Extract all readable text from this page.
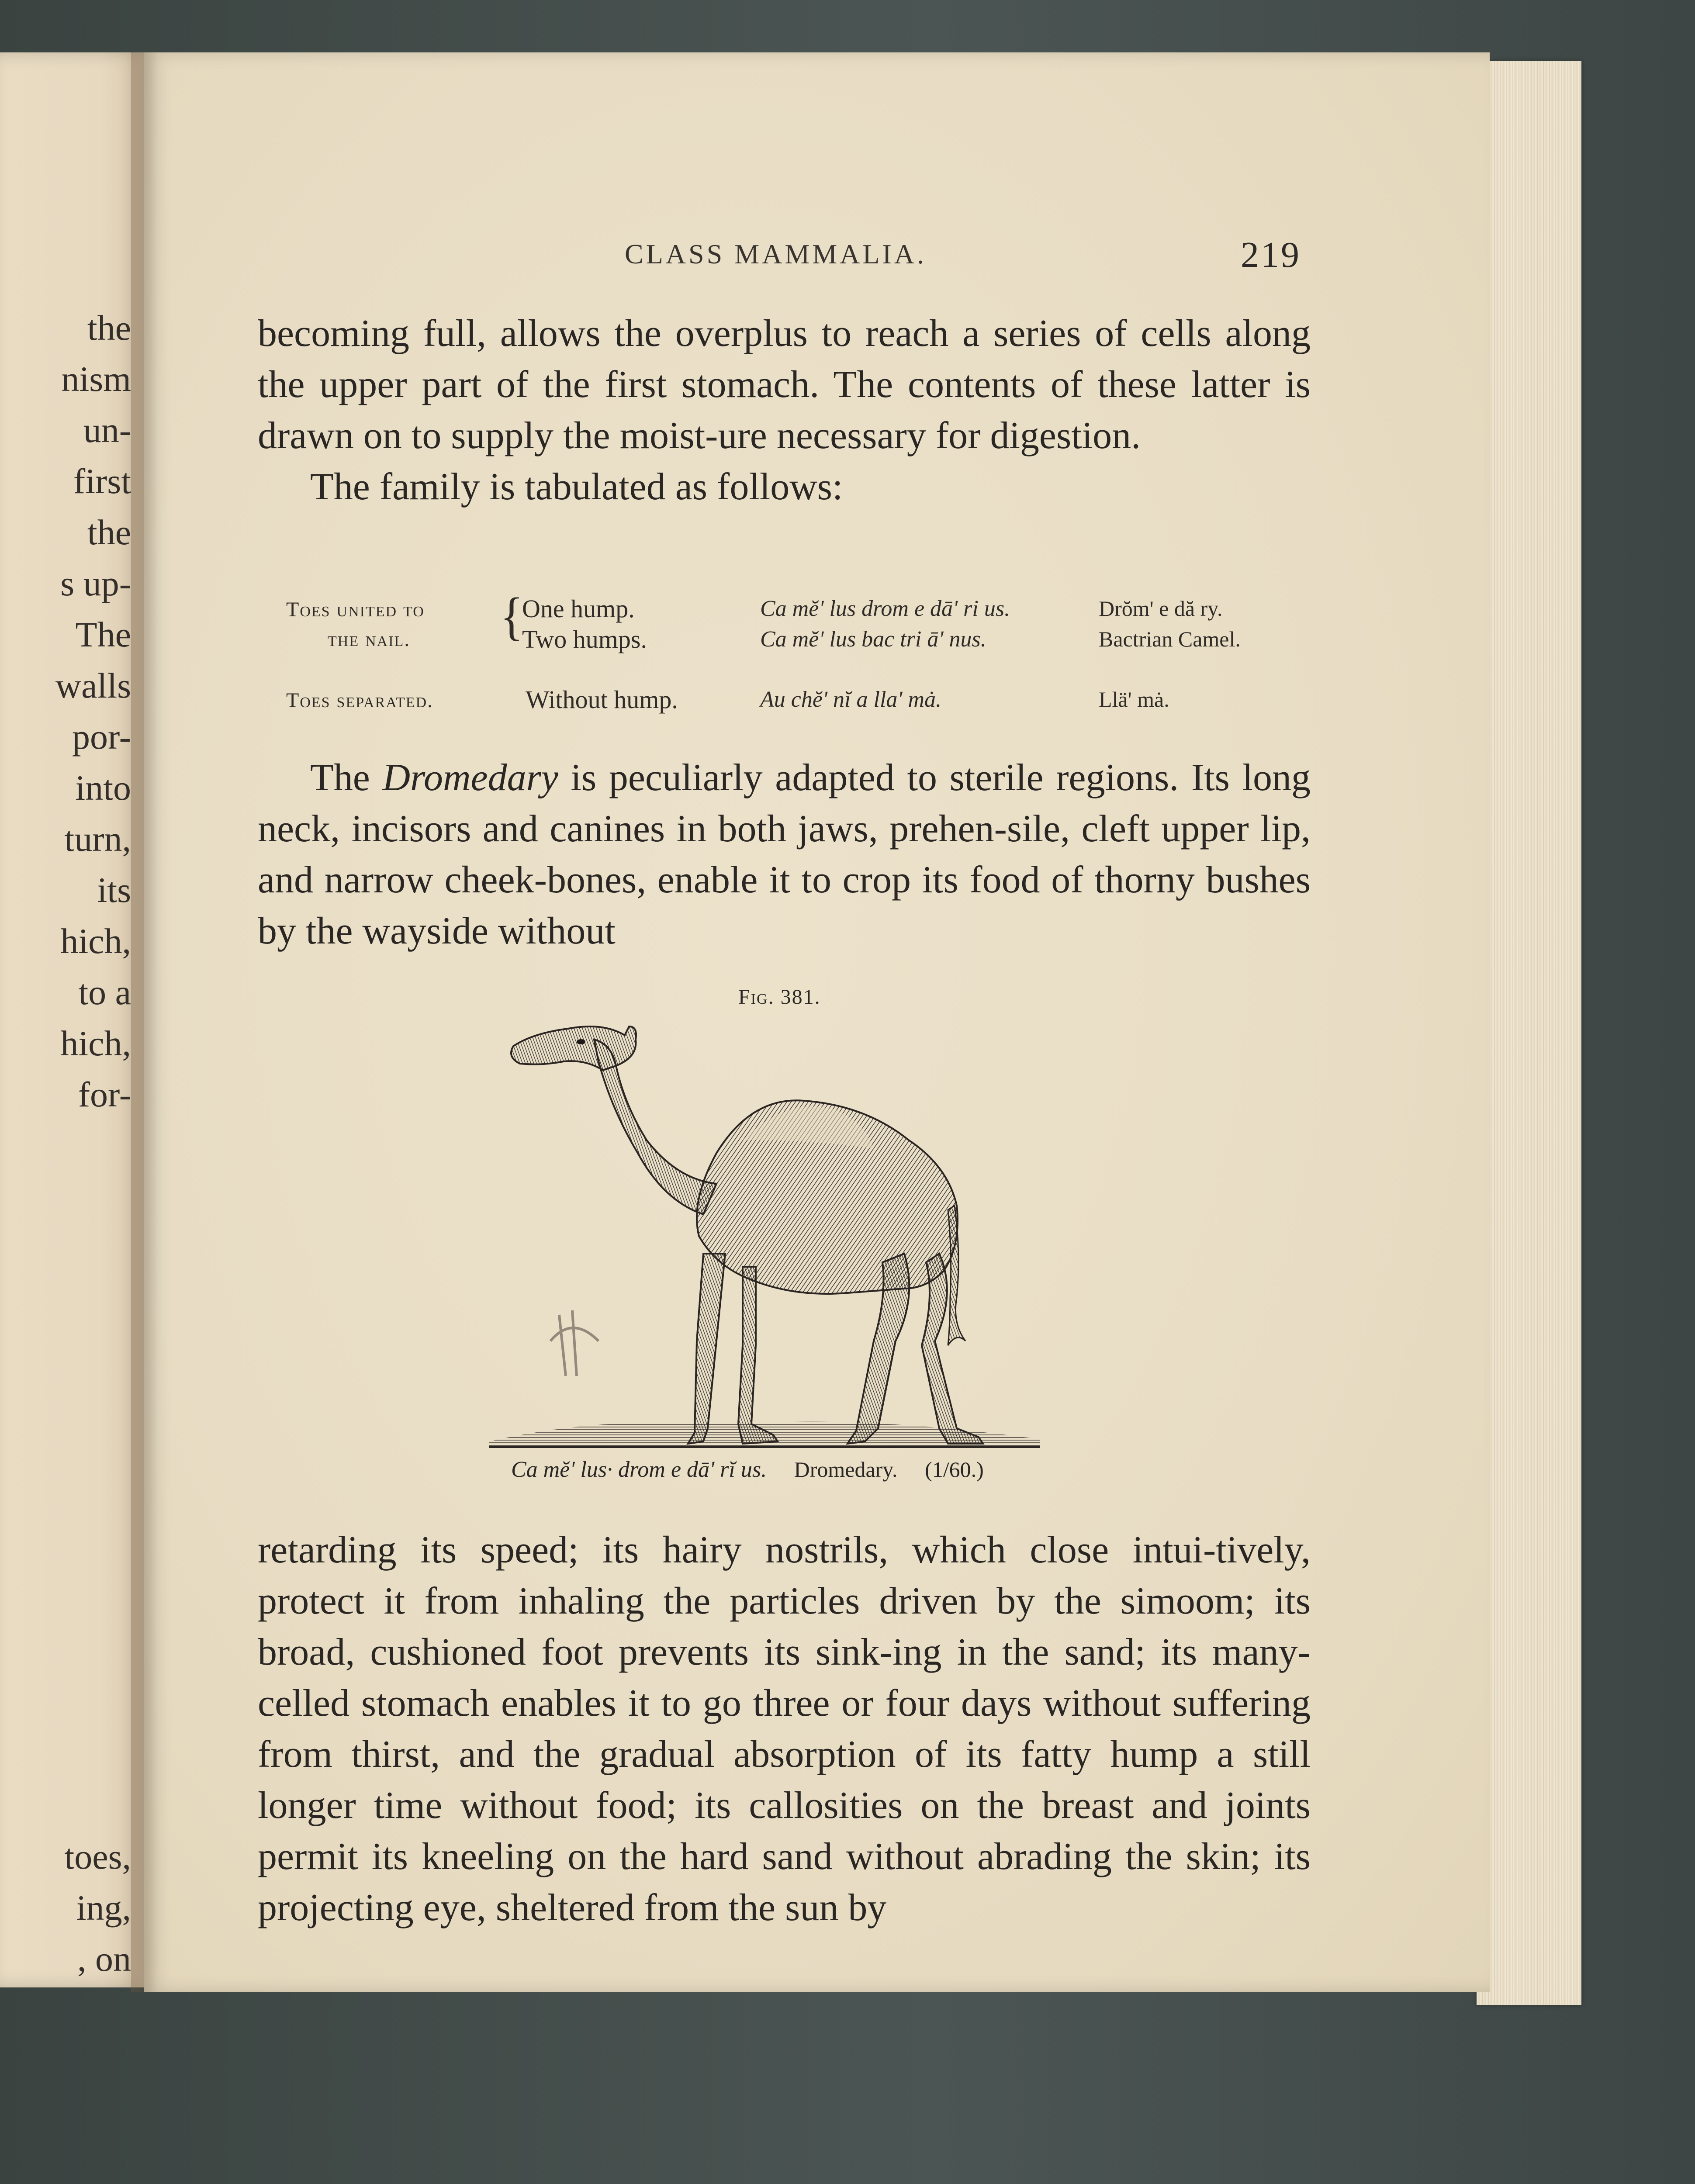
the
nism
un-
first
the
s up-
The
walls
por-
into
turn,
its
hich,
to a
hich,
for-
toes,
ing,
, on
CLASS MAMMALIA.	219

becoming full, allows the overplus to reach a series of cells along the upper part of the first stomach. The contents of these latter is drawn on to supply the moist-ure necessary for digestion.

The family is tabulated as follows:

Toes united to
the nail. {
One hump.	Ca mĕ' lus drom e dā' ri us.	Drŏm' e dă ry.
Two humps.	Ca mĕ' lus bac tri ā' nus.	Bactrian Camel.
Toes separated.	Without hump.	Au chĕ' nĭ a lla' mȧ.	Llä' mȧ.

The Dromedary is peculiarly adapted to sterile regions. Its long neck, incisors and canines in both jaws, prehen-sile, cleft upper lip, and narrow cheek-bones, enable it to crop its food of thorny bushes by the wayside without

Fig. 381.
Ca mĕ' lus· drom e dā' rĭ us. Dromedary. (1/60.)

retarding its speed; its hairy nostrils, which close intui-tively, protect it from inhaling the particles driven by the simoom; its broad, cushioned foot prevents its sink-ing in the sand; its many-celled stomach enables it to go three or four days without suffering from thirst, and the gradual absorption of its fatty hump a still longer time without food; its callosities on the breast and joints permit its kneeling on the hard sand without abrading the skin; its projecting eye, sheltered from the sun by
